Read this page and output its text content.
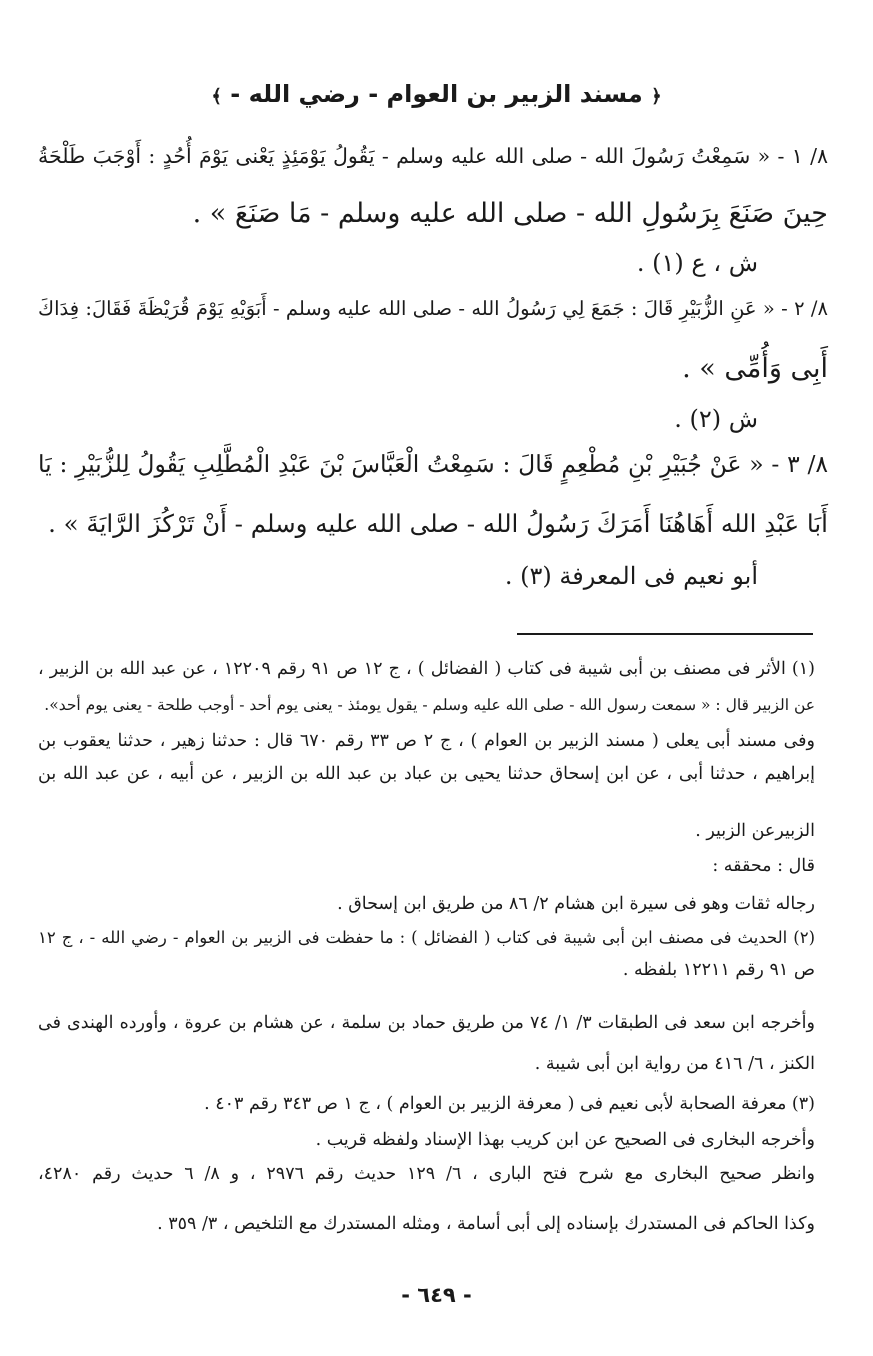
﴿ مسند الزبير بن العوام - رضي الله - ﴾
٨/ ١ - « سَمِعْتُ رَسُولَ الله - صلى الله عليه وسلم - يَقُولُ يَوْمَئِذٍ يَعْنى يَوْمَ أُحُدٍ : أَوْجَبَ طَلْحَةُ
حِينَ صَنَعَ بِرَسُولِ الله - صلى الله عليه وسلم - مَا صَنَعَ » .
ش ، ع (١) .
٨/ ٢ - « عَنِ الزُّبَيْرِ قَالَ : جَمَعَ لِي رَسُولُ الله - صلى الله عليه وسلم - أَبَوَيْهِ يَوْمَ قُرَيْظَةَ فَقَالَ: فِدَاكَ
أَبِى وَأُمِّى » .
ش (٢) .
٨/ ٣ - « عَنْ جُبَيْرِ بْنِ مُطْعِمٍ قَالَ : سَمِعْتُ الْعَبَّاسَ بْنَ عَبْدِ الْمُطَّلِبِ يَقُولُ لِلزُّبَيْرِ : يَا
أَبَا عَبْدِ الله أَهَاهُنَا أَمَرَكَ رَسُولُ الله - صلى الله عليه وسلم - أَنْ تَرْكُزَ الرَّايَةَ » .
أبو نعيم فى المعرفة (٣) .
(١) الأثر فى مصنف بن أبى شيبة فى كتاب ( الفضائل ) ، ج ١٢ ص ٩١ رقم ١٢٢٠٩ ، عن عبد الله بن الزبير ،
عن الزبير قال : « سمعت رسول الله - صلى الله عليه وسلم - يقول يومئذ - يعنى يوم أحد - أوجب طلحة - يعنى يوم أحد».
وفى مسند أبى يعلى ( مسند الزبير بن العوام ) ، ج ٢ ص ٣٣ رقم ٦٧٠ قال : حدثنا زهير ، حدثنا يعقوب بن
إبراهيم ، حدثنا أبى ، عن ابن إسحاق حدثنا يحيى بن عباد بن عبد الله بن الزبير ، عن أبيه ، عن عبد الله بن
الزبيرعن الزبير .
قال : محققه :
رجاله ثقات وهو فى سيرة ابن هشام ٢/ ٨٦ من طريق ابن إسحاق .
(٢) الحديث فى مصنف ابن أبى شيبة فى كتاب ( الفضائل ) : ما حفظت فى الزبير بن العوام - رضي الله - ، ج ١٢
ص ٩١ رقم ١٢٢١١ بلفظه .
وأخرجه ابن سعد فى الطبقات ٣/ ١/ ٧٤ من طريق حماد بن سلمة ، عن هشام بن عروة ، وأورده الهندى فى
الكنز ، ٦/ ٤١٦ من رواية ابن أبى شيبة .
(٣) معرفة الصحابة لأبى نعيم فى ( معرفة الزبير بن العوام ) ، ج ١ ص ٣٤٣ رقم ٤٠٣ .
وأخرجه البخارى فى الصحيح عن ابن كريب بهذا الإسناد ولفظه قريب .
وانظر صحيح البخارى مع شرح فتح البارى ، ٦/ ١٢٩ حديث رقم ٢٩٧٦ ، و ٨/ ٦ حديث رقم ٤٢٨٠،
وكذا الحاكم فى المستدرك بإسناده إلى أبى أسامة ، ومثله المستدرك مع التلخيص ، ٣/ ٣٥٩ .
- ٦٤٩ -
